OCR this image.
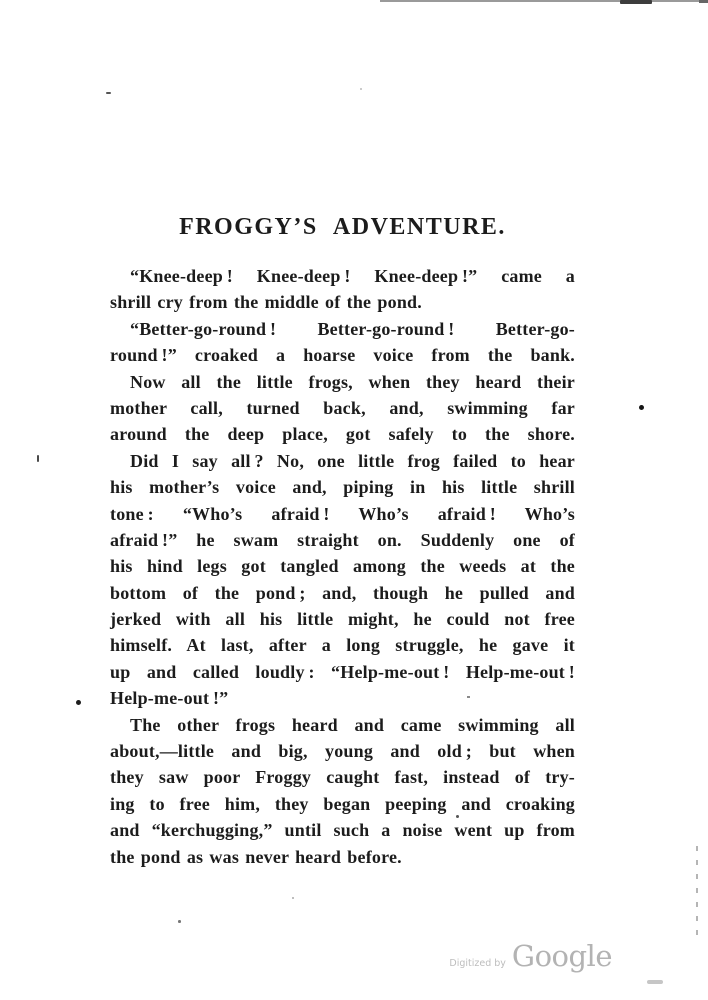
FROGGY’S ADVENTURE.
“Knee-deep ! Knee-deep ! Knee-deep !” came a
shrill cry from the middle of the pond.
“Better-go-round ! Better-go-round ! Better-go-
round !” croaked a hoarse voice from the bank.
Now all the little frogs, when they heard their
mother call, turned back, and, swimming far
around the deep place, got safely to the shore.
Did I say all ? No, one little frog failed to hear
his mother’s voice and, piping in his little shrill
tone : “Who’s afraid ! Who’s afraid ! Who’s
afraid !” he swam straight on. Suddenly one of
his hind legs got tangled among the weeds at the
bottom of the pond ; and, though he pulled and
jerked with all his little might, he could not free
himself. At last, after a long struggle, he gave it
up and called loudly : “Help-me-out ! Help-me-out !
Help-me-out !”
The other frogs heard and came swimming all
about,—little and big, young and old ; but when
they saw poor Froggy caught fast, instead of try-
ing to free him, they began peeping and croaking
and “kerchugging,” until such a noise went up from
the pond as was never heard before.
Digitized by Google
